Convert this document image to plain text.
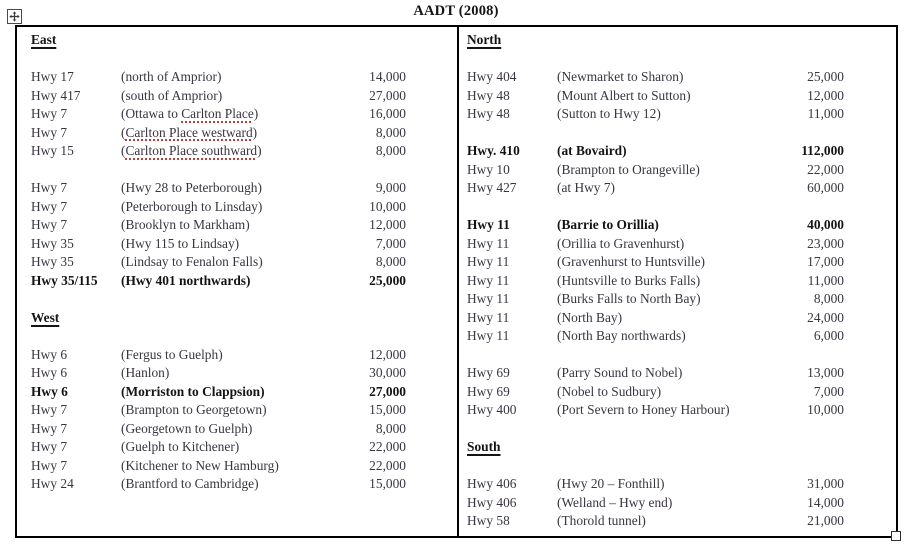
AADT (2008)
East
Hwy 17	(north of Amprior)	14,000
Hwy 417	(south of Amprior)	27,000
Hwy 7	(Ottawa to Carlton Place)	16,000
Hwy 7	(Carlton Place westward)	8,000
Hwy 15	(Carlton Place southward)	8,000
Hwy 7	(Hwy 28 to Peterborough)	9,000
Hwy 7	(Peterborough to Linsday)	10,000
Hwy 7	(Brooklyn to Markham)	12,000
Hwy 35	(Hwy 115 to Lindsay)	7,000
Hwy 35	(Lindsay to Fenalon Falls)	8,000
Hwy 35/115	(Hwy 401 northwards)	25,000
West
Hwy 6	(Fergus to Guelph)	12,000
Hwy 6	(Hanlon)	30,000
Hwy 6	(Morriston to Clappsion)	27,000
Hwy 7	(Brampton to Georgetown)	15,000
Hwy 7	(Georgetown to Guelph)	8,000
Hwy 7	(Guelph to Kitchener)	22,000
Hwy 7	(Kitchener to New Hamburg)	22,000
Hwy 24	(Brantford to Cambridge)	15,000
North
Hwy 404	(Newmarket to Sharon)	25,000
Hwy 48	(Mount Albert to Sutton)	12,000
Hwy 48	(Sutton to Hwy 12)	11,000
Hwy. 410	(at Bovaird)	112,000
Hwy 10	(Brampton to Orangeville)	22,000
Hwy 427	(at Hwy 7)	60,000
Hwy 11	(Barrie to Orillia)	40,000
Hwy 11	(Orillia to Gravenhurst)	23,000
Hwy 11	(Gravenhurst to Huntsville)	17,000
Hwy 11	(Huntsville to Burks Falls)	11,000
Hwy 11	(Burks Falls to North Bay)	8,000
Hwy 11	(North Bay)	24,000
Hwy 11	(North Bay northwards)	6,000
Hwy 69	(Parry Sound to Nobel)	13,000
Hwy 69	(Nobel to Sudbury)	7,000
Hwy 400	(Port Severn to Honey Harbour)	10,000
South
Hwy 406	(Hwy 20 – Fonthill)	31,000
Hwy 406	(Welland – Hwy end)	14,000
Hwy 58	(Thorold tunnel)	21,000
